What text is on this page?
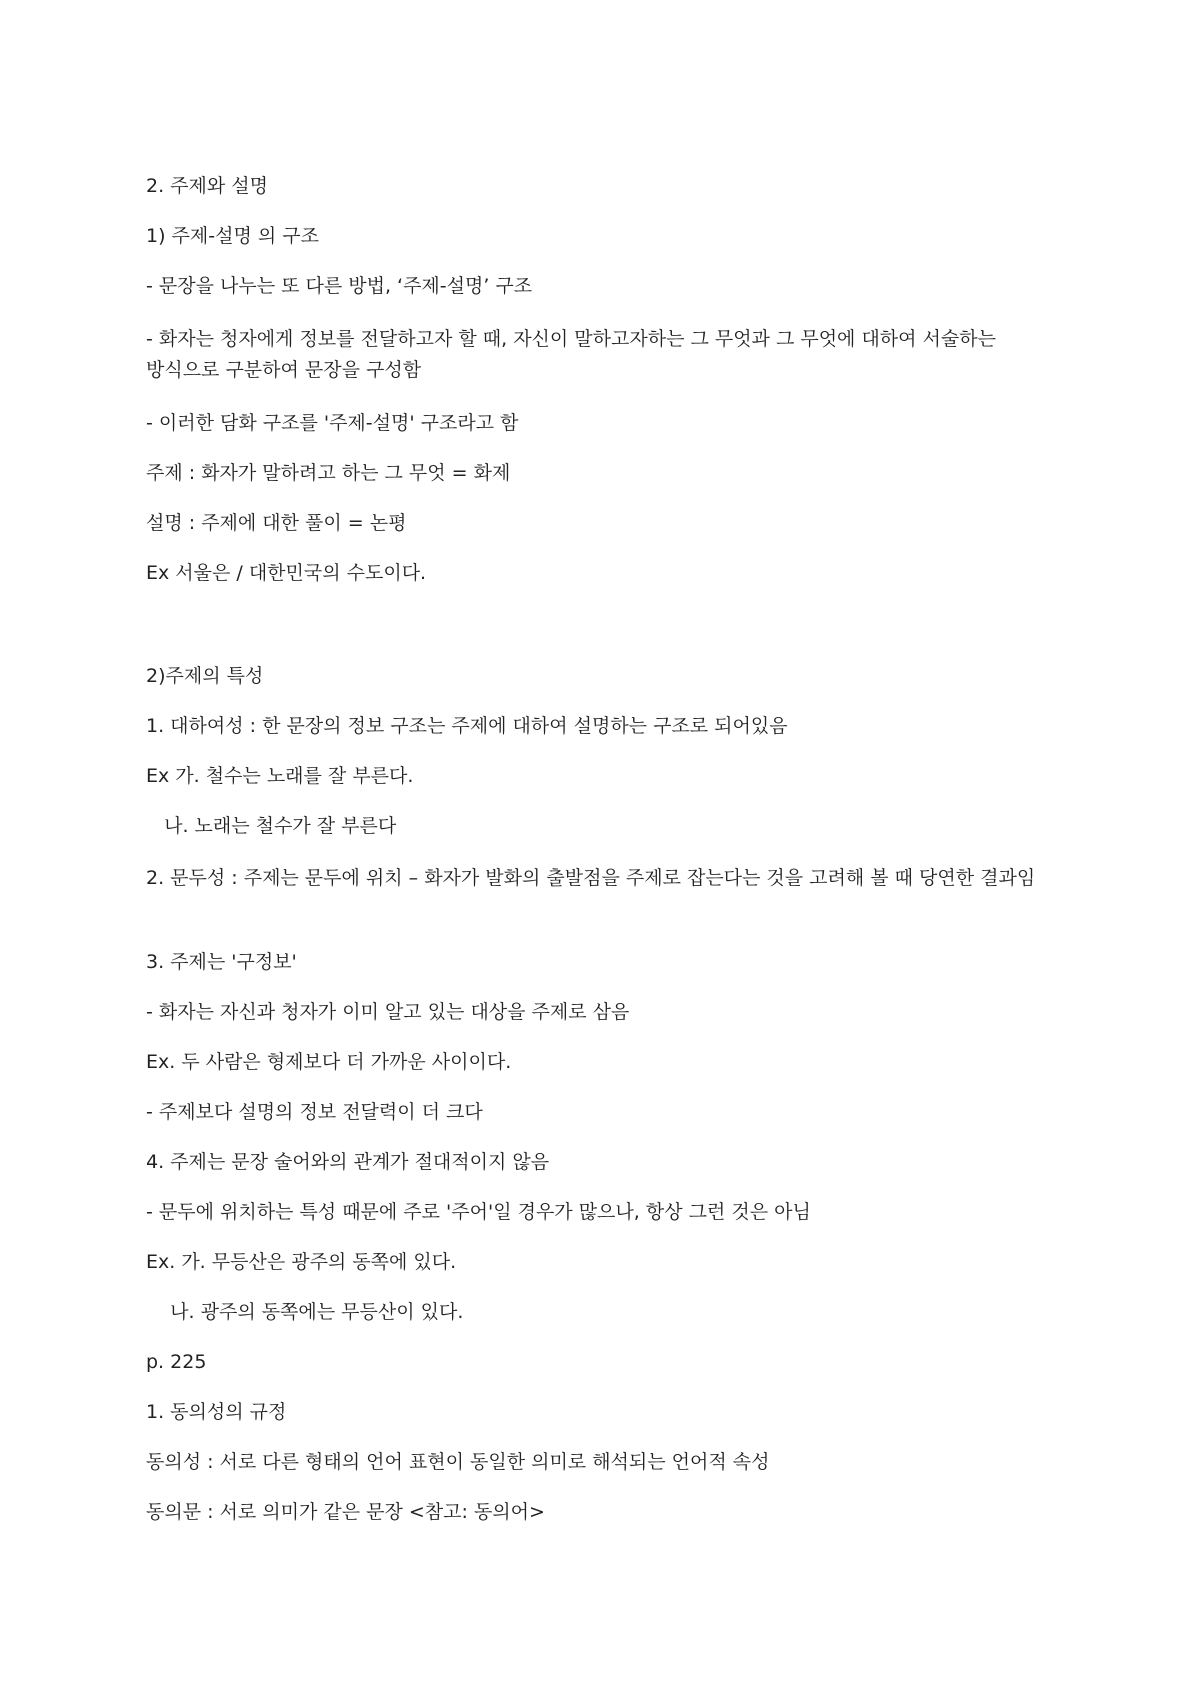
2. 주제와 설명

1) 주제-설명 의 구조

- 문장을 나누는 또 다른 방법, ‘주제-설명’ 구조

- 화자는 청자에게 정보를 전달하고자 할 때, 자신이 말하고자하는 그 무엇과 그 무엇에 대하여 서술하는 방식으로 구분하여 문장을 구성함

- 이러한 담화 구조를 '주제-설명' 구조라고 함

주제 : 화자가 말하려고 하는 그 무엇 = 화제

설명 : 주제에 대한 풀이 = 논평

Ex 서울은 / 대한민국의 수도이다.

2)주제의 특성

1. 대하여성 : 한 문장의 정보 구조는 주제에 대하여 설명하는 구조로 되어있음

Ex 가. 철수는 노래를 잘 부른다.

나. 노래는 철수가 잘 부른다

2. 문두성 : 주제는 문두에 위치 – 화자가 발화의 출발점을 주제로 잡는다는 것을 고려해 볼 때 당연한 결과임

3. 주제는 '구정보'

- 화자는 자신과 청자가 이미 알고 있는 대상을 주제로 삼음

Ex. 두 사람은 형제보다 더 가까운 사이이다.

- 주제보다 설명의 정보 전달력이 더 크다

4. 주제는 문장 술어와의 관계가 절대적이지 않음

- 문두에 위치하는 특성 때문에 주로 '주어'일 경우가 많으나, 항상 그런 것은 아님

Ex. 가. 무등산은 광주의 동쪽에 있다.

나. 광주의 동쪽에는 무등산이 있다.

p. 225

1. 동의성의 규정

동의성 : 서로 다른 형태의 언어 표현이 동일한 의미로 해석되는 언어적 속성

동의문 : 서로 의미가 같은 문장 <참고: 동의어>
